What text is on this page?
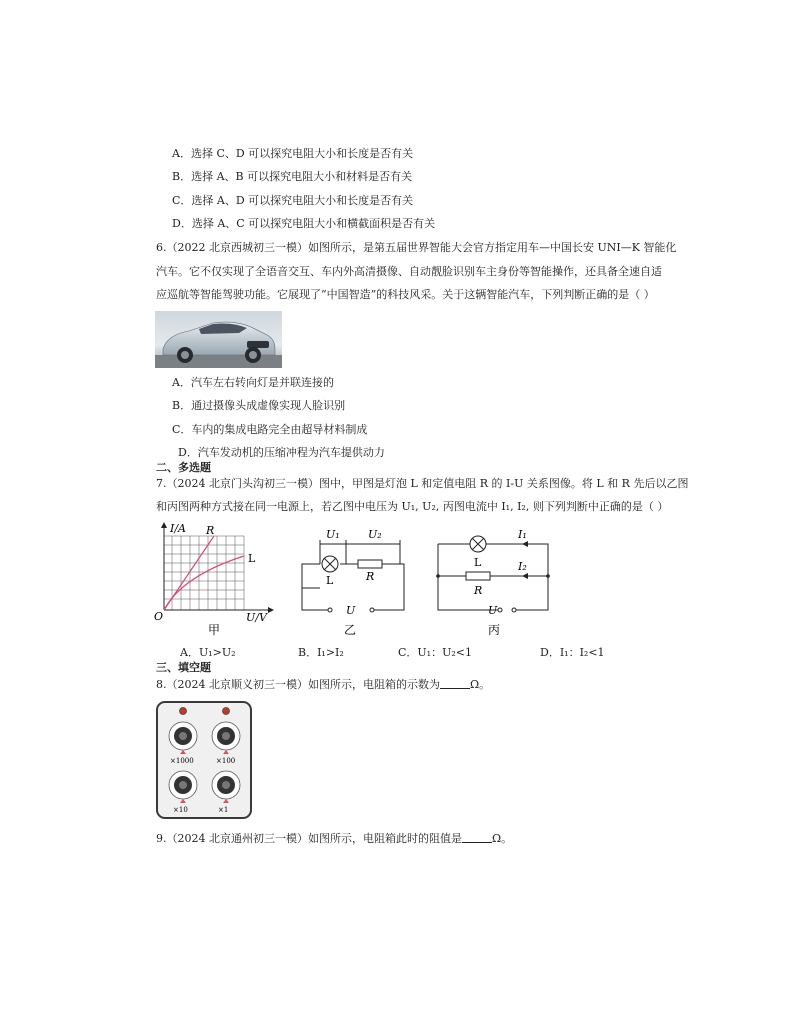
A．选择 C、D 可以探究电阻大小和长度是否有关
B．选择 A、B 可以探究电阻大小和材料是否有关
C．选择 A、D 可以探究电阻大小和长度是否有关
D．选择 A、C 可以探究电阻大小和横截面积是否有关
6.（2022 北京西城初三一模）如图所示，是第五届世界智能大会官方指定用车—中国长安 UNI—K 智能化
汽车。它不仅实现了全语音交互、车内外高清摄像、自动靓脸识别车主身份等智能操作，还具备全速自适
应巡航等智能驾驶功能。它展现了“中国智造”的科技风采。关于这辆智能汽车，下列判断正确的是（ ）
A．汽车左右转向灯是并联连接的
B．通过摄像头成虚像实现人脸识别
C．车内的集成电路完全由超导材料制成
D．汽车发动机的压缩冲程为汽车提供动力
二、多选题
7.（2024 北京门头沟初三一模）图中，甲图是灯泡 L 和定值电阻 R 的 I-U 关系图像。将 L 和 R 先后以乙图
和丙图两种方式接在同一电源上，若乙图中电压为 U₁, U₂, 丙图电流中 I₁, I₂, 则下列判断中正确的是（ ）
I/A
U/V
O
R
L
甲
U₁	U₂
L	R
U
乙
I₁
I₂
L
R
U
丙
A．U₁>U₂	B．I₁>I₂	C．U₁：U₂<1	D．I₁：I₂<1
三、填空题
8.（2024 北京顺义初三一模）如图所示，电阻箱的示数为	Ω。
×1000	×100
×10	×1
9.（2024 北京通州初三一模）如图所示，电阻箱此时的阻值是	Ω。
